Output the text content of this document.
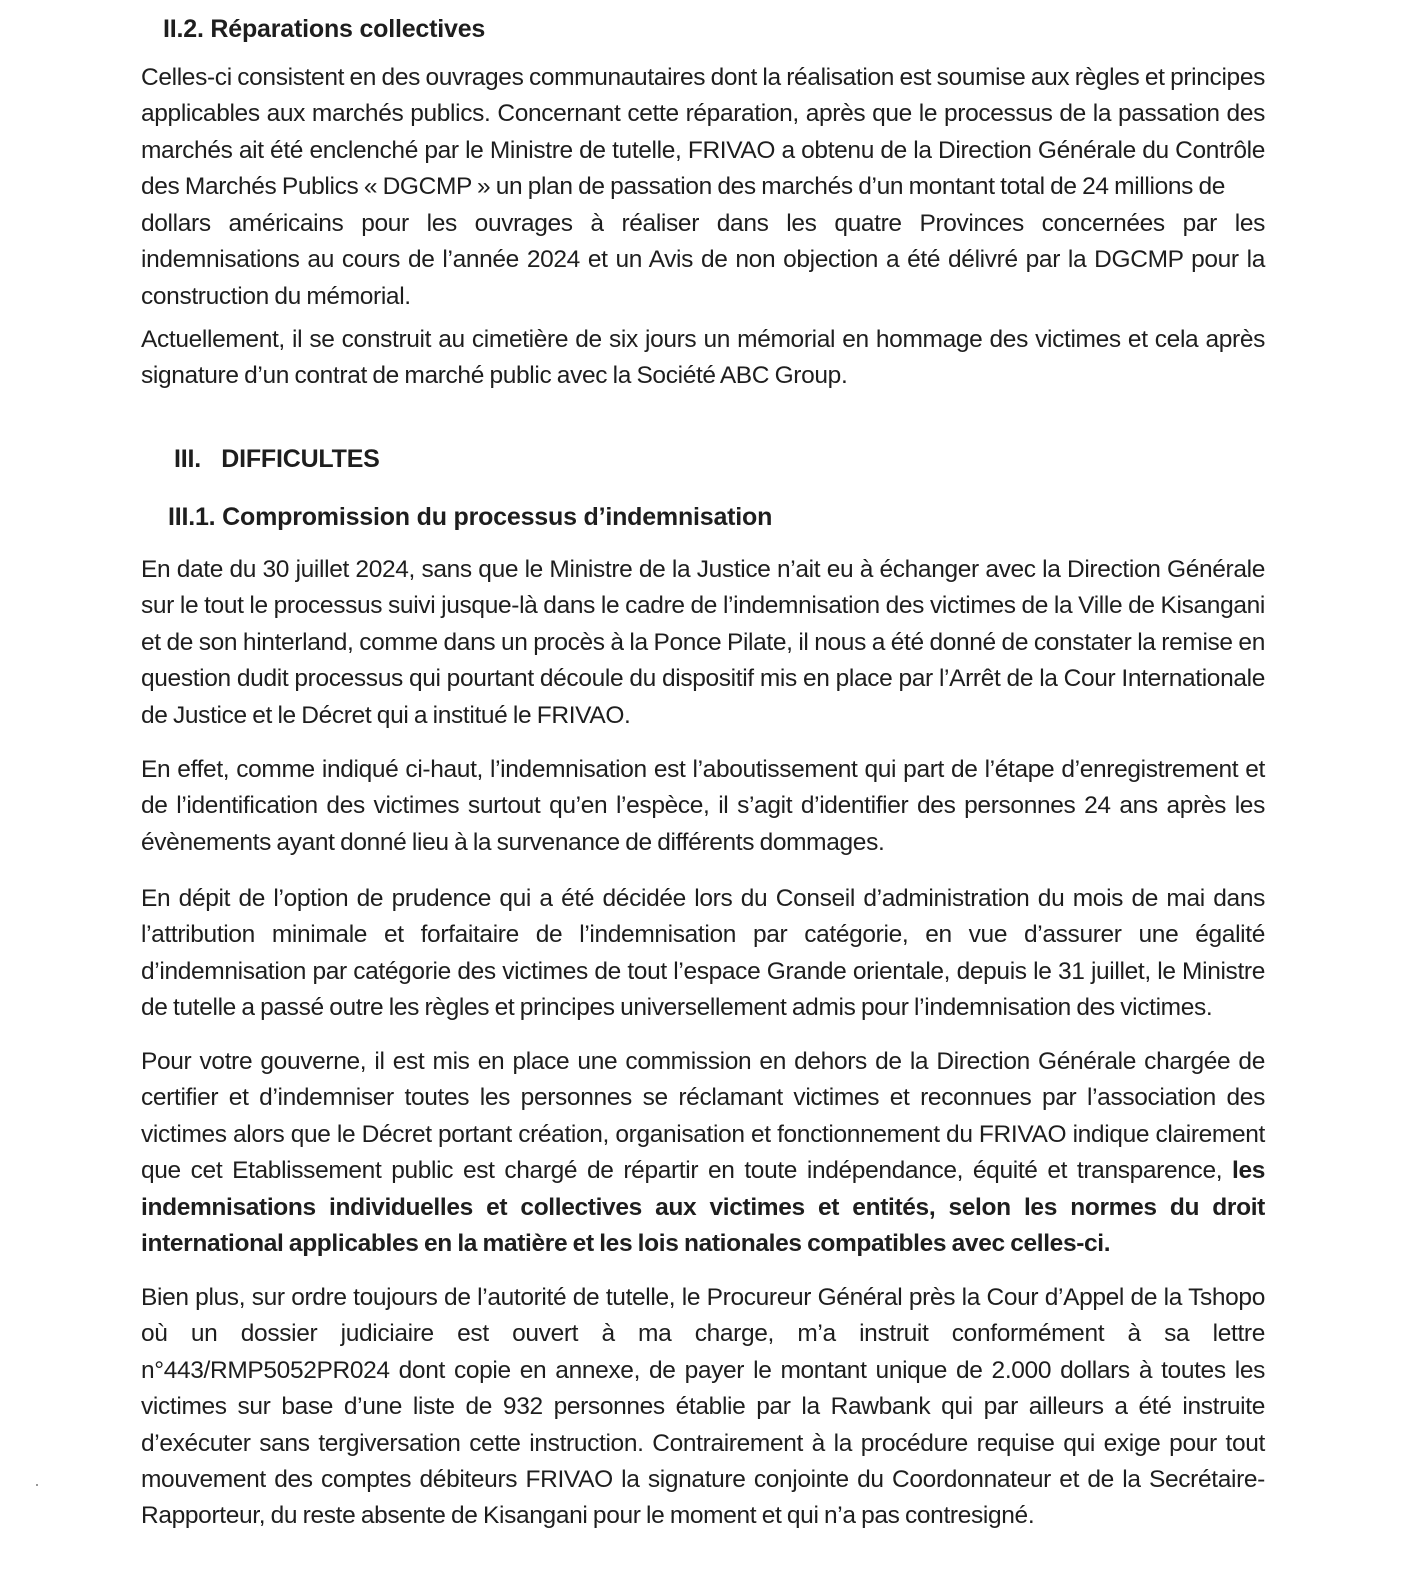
II.2. Réparations collectives

Celles-ci consistent en des ouvrages communautaires dont la réalisation est soumise aux règles et principes applicables aux marchés publics. Concernant cette réparation, après que le processus de la passation des marchés ait été enclenché par le Ministre de tutelle, FRIVAO a obtenu de la Direction Générale du Contrôle des Marchés Publics « DGCMP » un plan de passation des marchés d’un montant total de 24 millions de

dollars américains pour les ouvrages à réaliser dans les quatre Provinces concernées par les indemnisations au cours de l’année 2024 et un Avis de non objection a été délivré par la DGCMP pour la construction du mémorial.

Actuellement, il se construit au cimetière de six jours un mémorial en hommage des victimes et cela après signature d’un contrat de marché public avec la Société ABC Group.

III.   DIFFICULTES
III.1. Compromission du processus d’indemnisation

En date du 30 juillet 2024, sans que le Ministre de la Justice n’ait eu à échanger avec la Direction Générale sur le tout le processus suivi jusque-là dans le cadre de l’indemnisation des victimes de la Ville de Kisangani et de son hinterland, comme dans un procès à la Ponce Pilate, il nous a été donné de constater la remise en question dudit processus qui pourtant découle du dispositif mis en place par l’Arrêt de la Cour Internationale de Justice et le Décret qui a institué le FRIVAO.

En effet, comme indiqué ci-haut, l’indemnisation est l’aboutissement qui part de l’étape d’enregistrement et de l’identification des victimes surtout qu’en l’espèce, il s’agit d’identifier des personnes 24 ans après les évènements ayant donné lieu à la survenance de différents dommages.

En dépit de l’option de prudence qui a été décidée lors du Conseil d’administration du mois de mai dans l’attribution minimale et forfaitaire de l’indemnisation par catégorie, en vue d’assurer une égalité d’indemnisation par catégorie des victimes de tout l’espace Grande orientale, depuis le 31 juillet, le Ministre de tutelle a passé outre les règles et principes universellement admis pour l’indemnisation des victimes.

Pour votre gouverne, il est mis en place une commission en dehors de la Direction Générale chargée de certifier et d’indemniser toutes les personnes se réclamant victimes et reconnues par l’association des victimes alors que le Décret portant création, organisation et fonctionnement du FRIVAO indique clairement que cet Etablissement public est chargé de répartir en toute indépendance, équité et transparence, les indemnisations individuelles et collectives aux victimes et entités, selon les normes du droit international applicables en la matière et les lois nationales compatibles avec celles-ci.

Bien plus, sur ordre toujours de l’autorité de tutelle, le Procureur Général près la Cour d’Appel de la Tshopo où un dossier judiciaire est ouvert à ma charge, m’a instruit conformément à sa lettre n°443/RMP5052PR024 dont copie en annexe, de payer le montant unique de 2.000 dollars à toutes les victimes sur base d’une liste de 932 personnes établie par la Rawbank qui par ailleurs a été instruite d’exécuter sans tergiversation cette instruction. Contrairement à la procédure requise qui exige pour tout mouvement des comptes débiteurs FRIVAO la signature conjointe du Coordonnateur et de la Secrétaire-Rapporteur, du reste absente de Kisangani pour le moment et qui n’a pas contresigné.
